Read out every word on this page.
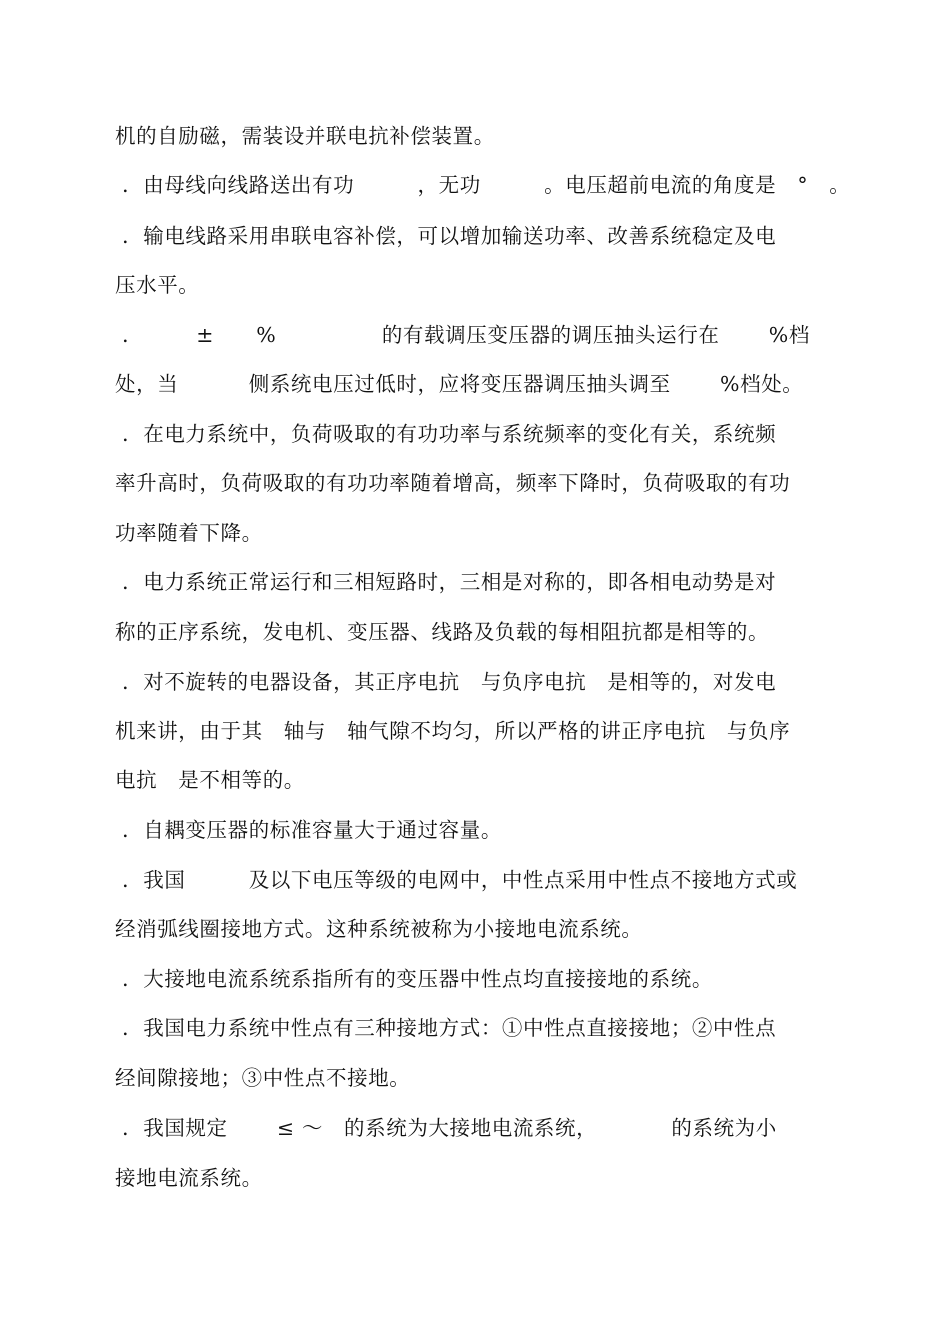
机的自励磁，需装设并联电抗补偿装置。
．由母线向线路送出有功　　　，无功　　　。电压超前电流的角度是　°　。
．输电线路采用串联电容补偿，可以增加输送功率、改善系统稳定及电
压水平。
．　　　±　　%　　　　　的有载调压变压器的调压抽头运行在　　 %档
处，当　　　 侧系统电压过低时，应将变压器调压抽头调至　　 %档处。
．在电力系统中，负荷吸取的有功功率与系统频率的变化有关，系统频
率升高时，负荷吸取的有功功率随着增高，频率下降时，负荷吸取的有功
功率随着下降。
．电力系统正常运行和三相短路时，三相是对称的，即各相电动势是对
称的正序系统，发电机、变压器、线路及负载的每相阻抗都是相等的。
．对不旋转的电器设备，其正序电抗　与负序电抗　是相等的，对发电
机来讲，由于其　轴与　轴气隙不均匀，所以严格的讲正序电抗　与负序
电抗　是不相等的。
．自耦变压器的标准容量大于通过容量。
．我国　　　及以下电压等级的电网中，中性点采用中性点不接地方式或
经消弧线圈接地方式。这种系统被称为小接地电流系统。
．大接地电流系统系指所有的变压器中性点均直接接地的系统。
．我国电力系统中性点有三种接地方式：①中性点直接接地；②中性点
经间隙接地；③中性点不接地。
．我国规定　　 ≤ ～　的系统为大接地电流系统，　　　　的系统为小
接地电流系统。
